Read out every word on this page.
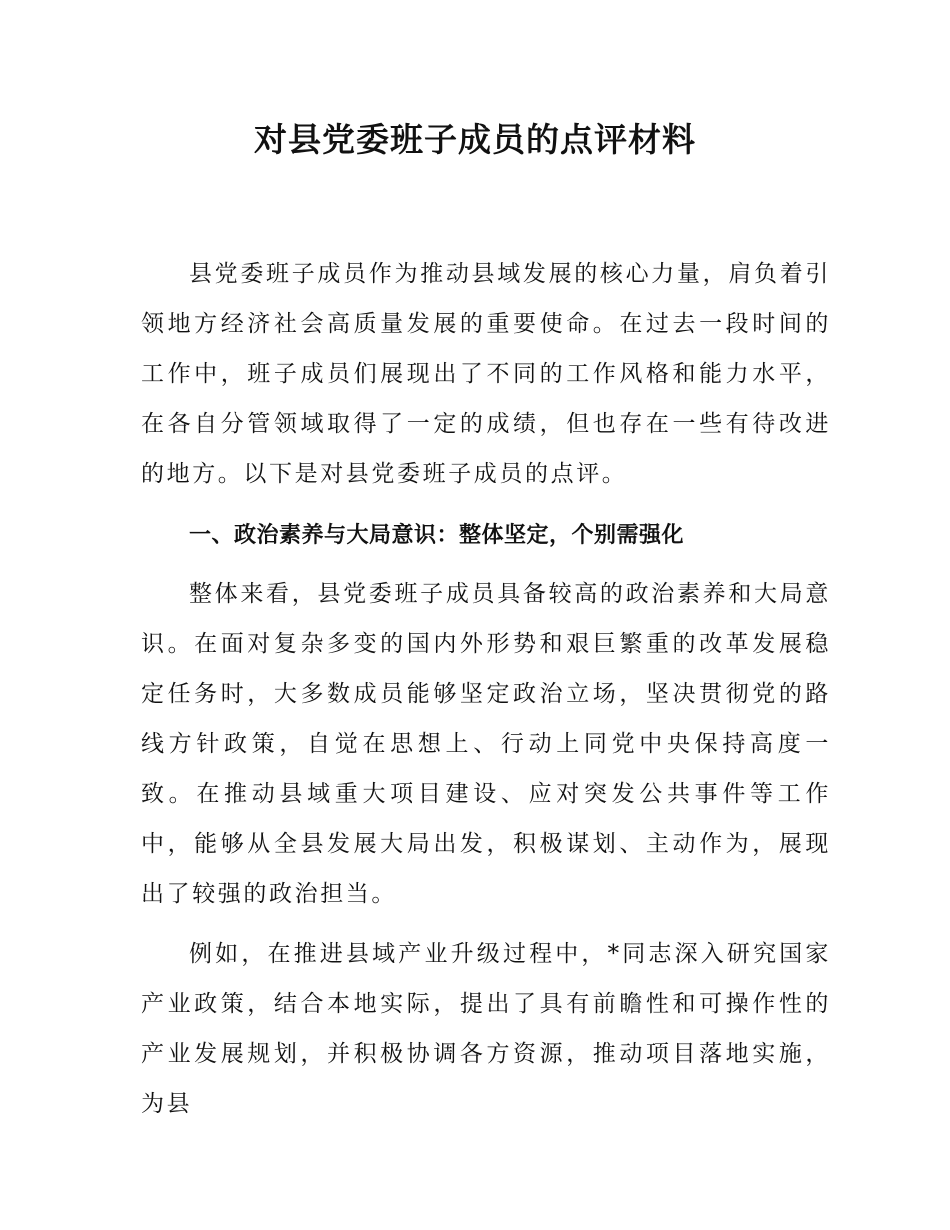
对县党委班子成员的点评材料

县党委班子成员作为推动县域发展的核心力量，肩负着引领地方经济社会高质量发展的重要使命。在过去一段时间的工作中，班子成员们展现出了不同的工作风格和能力水平，在各自分管领域取得了一定的成绩，但也存在一些有待改进的地方。以下是对县党委班子成员的点评。

一、政治素养与大局意识：整体坚定，个别需强化

整体来看，县党委班子成员具备较高的政治素养和大局意识。在面对复杂多变的国内外形势和艰巨繁重的改革发展稳定任务时，大多数成员能够坚定政治立场，坚决贯彻党的路线方针政策，自觉在思想上、行动上同党中央保持高度一致。在推动县域重大项目建设、应对突发公共事件等工作中，能够从全县发展大局出发，积极谋划、主动作为，展现出了较强的政治担当。

例如，在推进县域产业升级过程中，*同志深入研究国家产业政策，结合本地实际，提出了具有前瞻性和可操作性的产业发展规划，并积极协调各方资源，推动项目落地实施，为县
